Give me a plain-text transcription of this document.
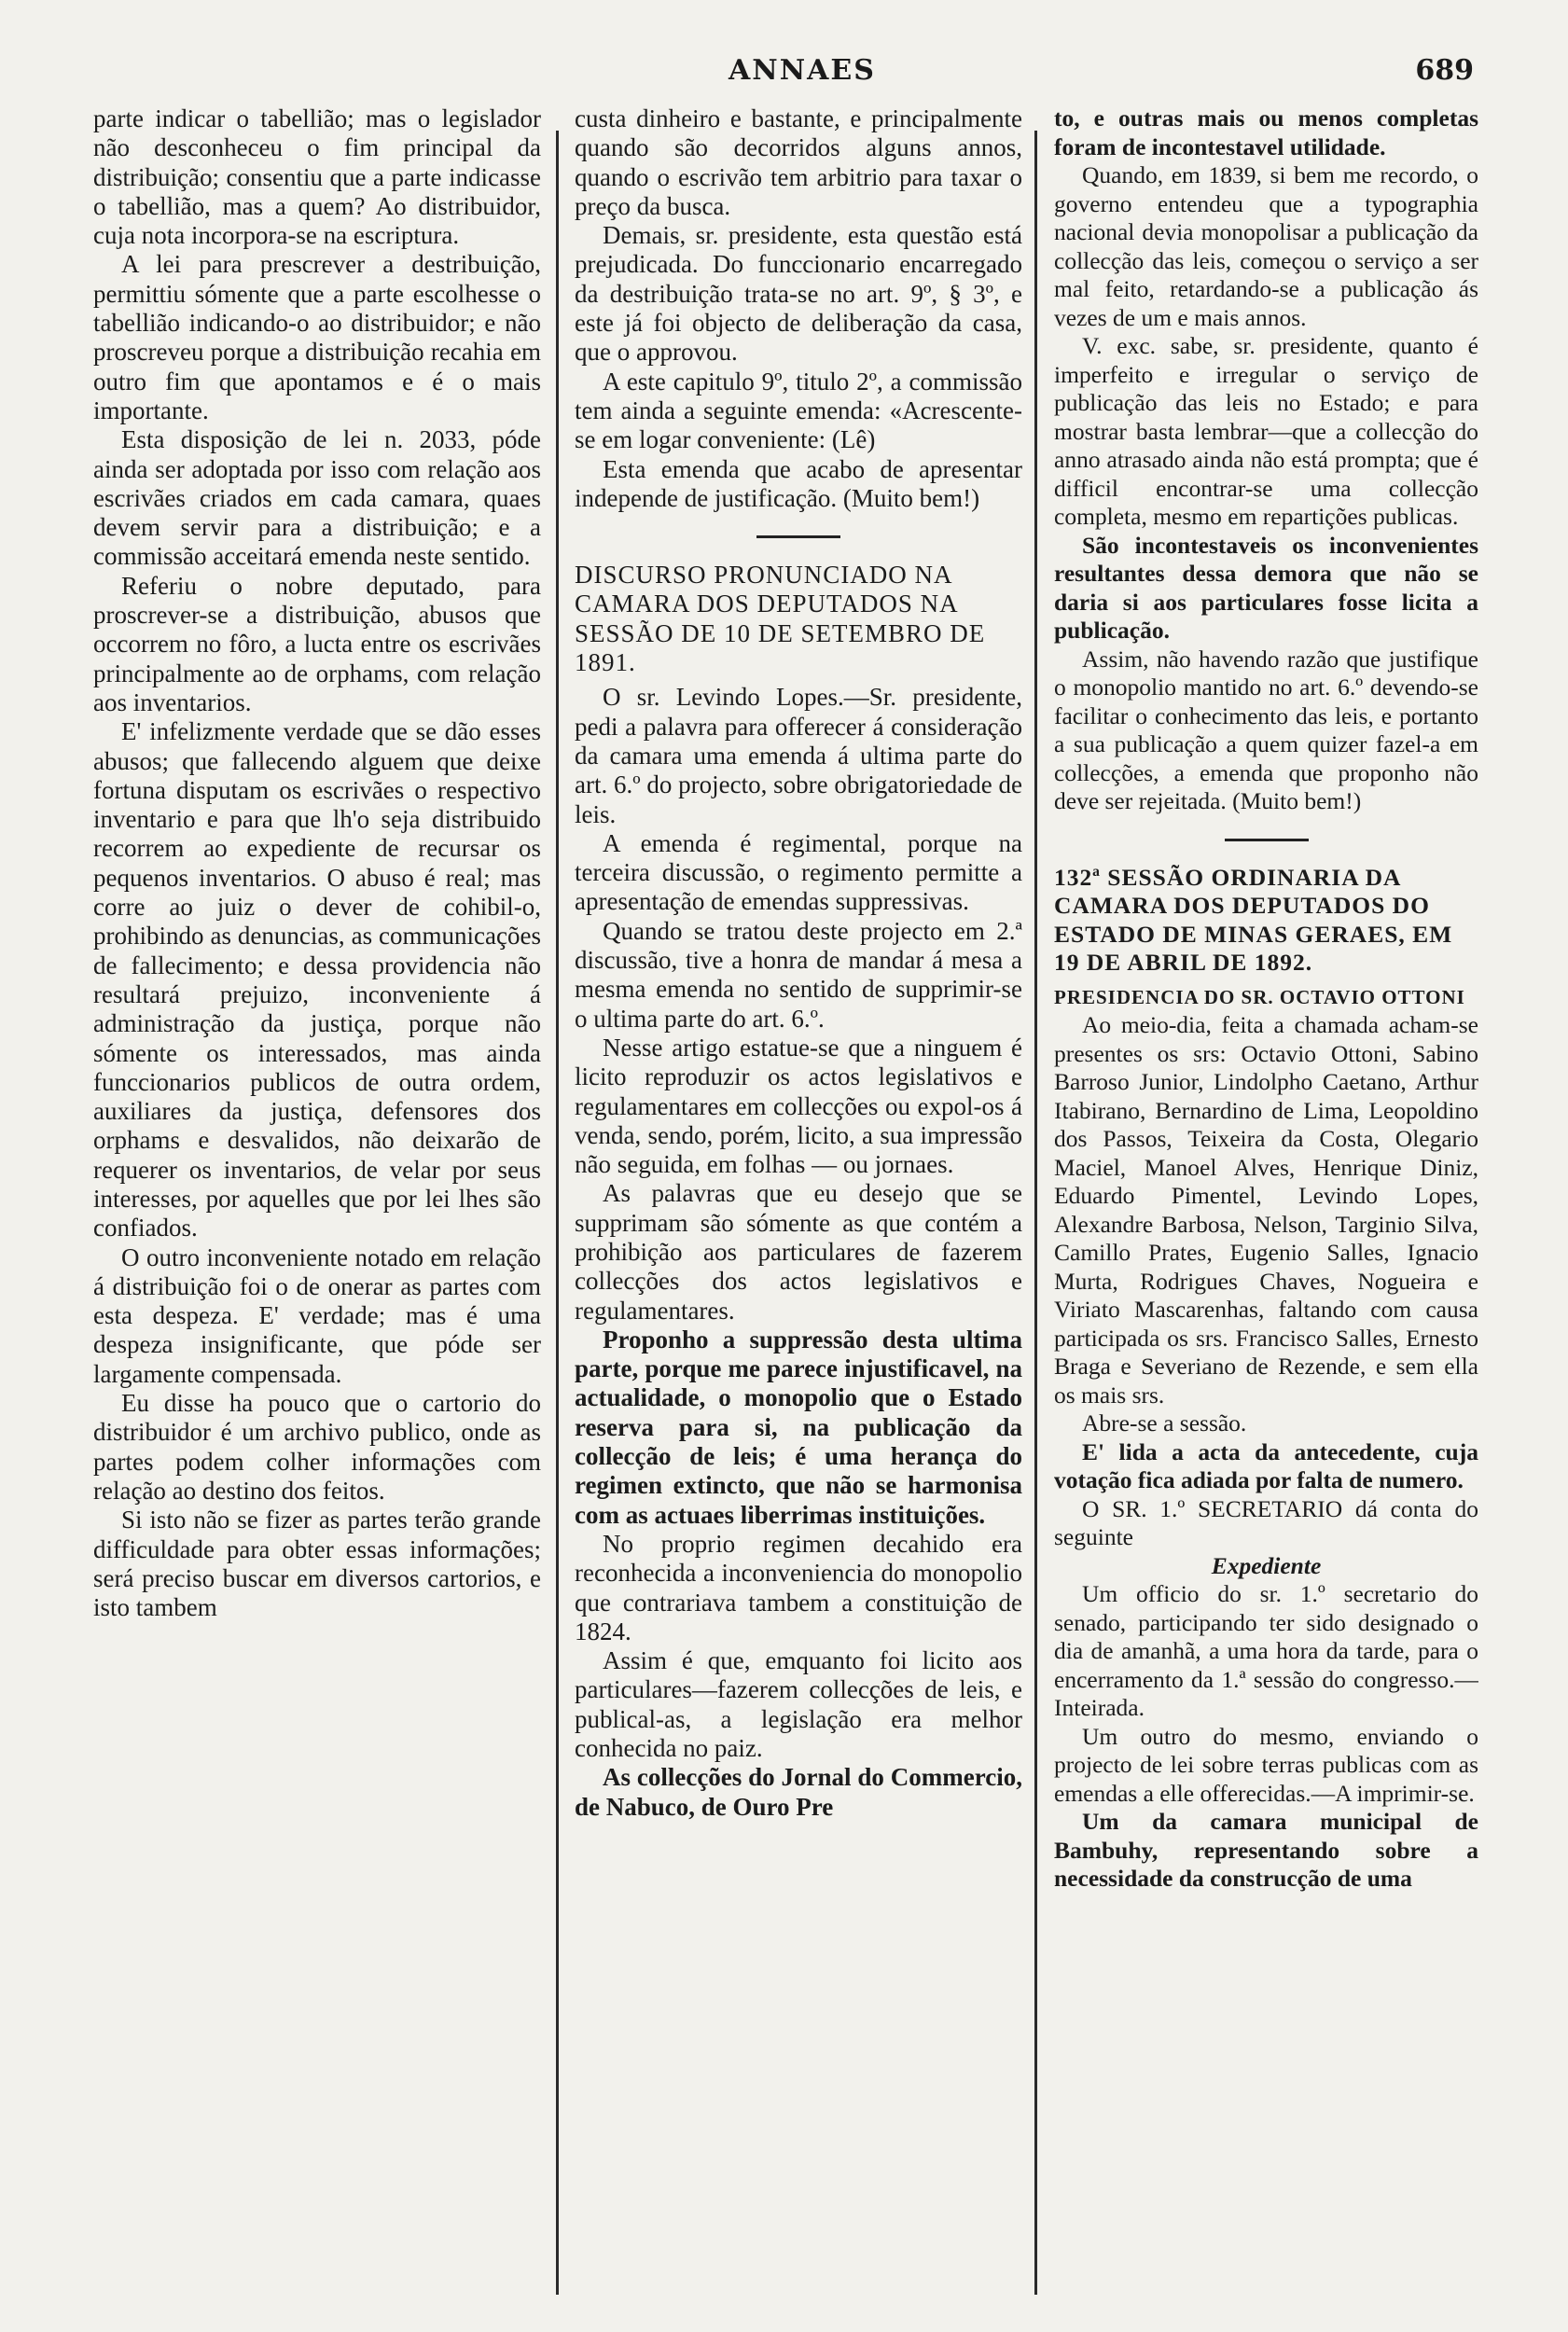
ANNAES	689

parte indicar o tabellião; mas o legislador não desconheceu o fim principal da distribuição; consentiu que a parte indicasse o tabellião, mas a quem? Ao distribuidor, cuja nota incorpora-se na escriptura.

A lei para prescrever a destribuição, permittiu sómente que a parte escolhesse o tabellião indicando-o ao distribuidor; e não proscreveu porque a distribuição recahia em outro fim que apontamos e é o mais importante.

Esta disposição de lei n. 2033, póde ainda ser adoptada por isso com relação aos escrivães criados em cada camara, quaes devem servir para a distribuição; e a commissão acceitará emenda neste sentido.

Referiu o nobre deputado, para proscrever-se a distribuição, abusos que occorrem no fôro, a lucta entre os escrivães principalmente ao de orphams, com relação aos inventarios.

E' infelizmente verdade que se dão esses abusos; que fallecendo alguem que deixe fortuna disputam os escrivães o respectivo inventario e para que lh'o seja distribuido recorrem ao expediente de recursar os pequenos inventarios. O abuso é real; mas corre ao juiz o dever de cohibil-o, prohibindo as denuncias, as communicações de fallecimento; e dessa providencia não resultará prejuizo, inconveniente á administração da justiça, porque não sómente os interessados, mas ainda funccionarios publicos de outra ordem, auxiliares da justiça, defensores dos orphams e desvalidos, não deixarão de requerer os inventarios, de velar por seus interesses, por aquelles que por lei lhes são confiados.

O outro inconveniente notado em relação á distribuição foi o de onerar as partes com esta despeza. E' verdade; mas é uma despeza insignificante, que póde ser largamente compensada.

Eu disse ha pouco que o cartorio do distribuidor é um archivo publico, onde as partes podem colher informações com relação ao destino dos feitos.

Si isto não se fizer as partes terão grande difficuldade para obter essas informações; será preciso buscar em diversos cartorios, e isto tambem

custa dinheiro e bastante, e principalmente quando são decorridos alguns annos, quando o escrivão tem arbitrio para taxar o preço da busca.

Demais, sr. presidente, esta questão está prejudicada. Do funccionario encarregado da destribuição trata-se no art. 9º, § 3º, e este já foi objecto de deliberação da casa, que o approvou.

A este capitulo 9º, titulo 2º, a commissão tem ainda a seguinte emenda: «Acrescente-se em logar conveniente: (Lê)

Esta emenda que acabo de apresentar independe de justificação. (Muito bem!)

DISCURSO PRONUNCIADO NA CAMARA DOS DEPUTADOS NA SESSÃO DE 10 DE SETEMBRO DE 1891.

O sr. Levindo Lopes.—Sr. presidente, pedi a palavra para offerecer á consideração da camara uma emenda á ultima parte do art. 6.º do projecto, sobre obrigatoriedade de leis.

A emenda é regimental, porque na terceira discussão, o regimento permitte a apresentação de emendas suppressivas.

Quando se tratou deste projecto em 2.ª discussão, tive a honra de mandar á mesa a mesma emenda no sentido de supprimir-se o ultima parte do art. 6.º.

Nesse artigo estatue-se que a ninguem é licito reproduzir os actos legislativos e regulamentares em collecções ou expol-os á venda, sendo, porém, licito, a sua impressão não seguida, em folhas — ou jornaes.

As palavras que eu desejo que se supprimam são sómente as que contém a prohibição aos particulares de fazerem collecções dos actos legislativos e regulamentares.

Proponho a suppressão desta ultima parte, porque me parece injustificavel, na actualidade, o monopolio que o Estado reserva para si, na publicação da collecção de leis; é uma herança do regimen extincto, que não se harmonisa com as actuaes liberrimas instituições.

No proprio regimen decahido era reconhecida a inconveniencia do monopolio que contrariava tambem a constituição de 1824.

Assim é que, emquanto foi licito aos particulares—fazerem collecções de leis, e publical-as, a legislação era melhor conhecida no paiz.

As collecções do Jornal do Commercio, de Nabuco, de Ouro Pre

to, e outras mais ou menos completas foram de incontestavel utilidade.

Quando, em 1839, si bem me recordo, o governo entendeu que a typographia nacional devia monopolisar a publicação da collecção das leis, começou o serviço a ser mal feito, retardando-se a publicação ás vezes de um e mais annos.

V. exc. sabe, sr. presidente, quanto é imperfeito e irregular o serviço de publicação das leis no Estado; e para mostrar basta lembrar—que a collecção do anno atrasado ainda não está prompta; que é difficil encontrar-se uma collecção completa, mesmo em repartições publicas.

São incontestaveis os inconvenientes resultantes dessa demora que não se daria si aos particulares fosse licita a publicação.

Assim, não havendo razão que justifique o monopolio mantido no art. 6.º devendo-se facilitar o conhecimento das leis, e portanto a sua publicação a quem quizer fazel-a em collecções, a emenda que proponho não deve ser rejeitada. (Muito bem!)

132ª SESSÃO ORDINARIA DA CAMARA DOS DEPUTADOS DO ESTADO DE MINAS GERAES, EM 19 DE ABRIL DE 1892.

PRESIDENCIA DO SR. OCTAVIO OTTONI

Ao meio-dia, feita a chamada acham-se presentes os srs: Octavio Ottoni, Sabino Barroso Junior, Lindolpho Caetano, Arthur Itabirano, Bernardino de Lima, Leopoldino dos Passos, Teixeira da Costa, Olegario Maciel, Manoel Alves, Henrique Diniz, Eduardo Pimentel, Levindo Lopes, Alexandre Barbosa, Nelson, Targinio Silva, Camillo Prates, Eugenio Salles, Ignacio Murta, Rodrigues Chaves, Nogueira e Viriato Mascarenhas, faltando com causa participada os srs. Francisco Salles, Ernesto Braga e Severiano de Rezende, e sem ella os mais srs.

Abre-se a sessão.

E' lida a acta da antecedente, cuja votação fica adiada por falta de numero.

O SR. 1.º SECRETARIO dá conta do seguinte

Expediente

Um officio do sr. 1.º secretario do senado, participando ter sido designado o dia de amanhã, a uma hora da tarde, para o encerramento da 1.ª sessão do congresso.— Inteirada.

Um outro do mesmo, enviando o projecto de lei sobre terras publicas com as emendas a elle offerecidas.—A imprimir-se.

Um da camara municipal de Bambuhy, representando sobre a necessidade da construcção de uma
